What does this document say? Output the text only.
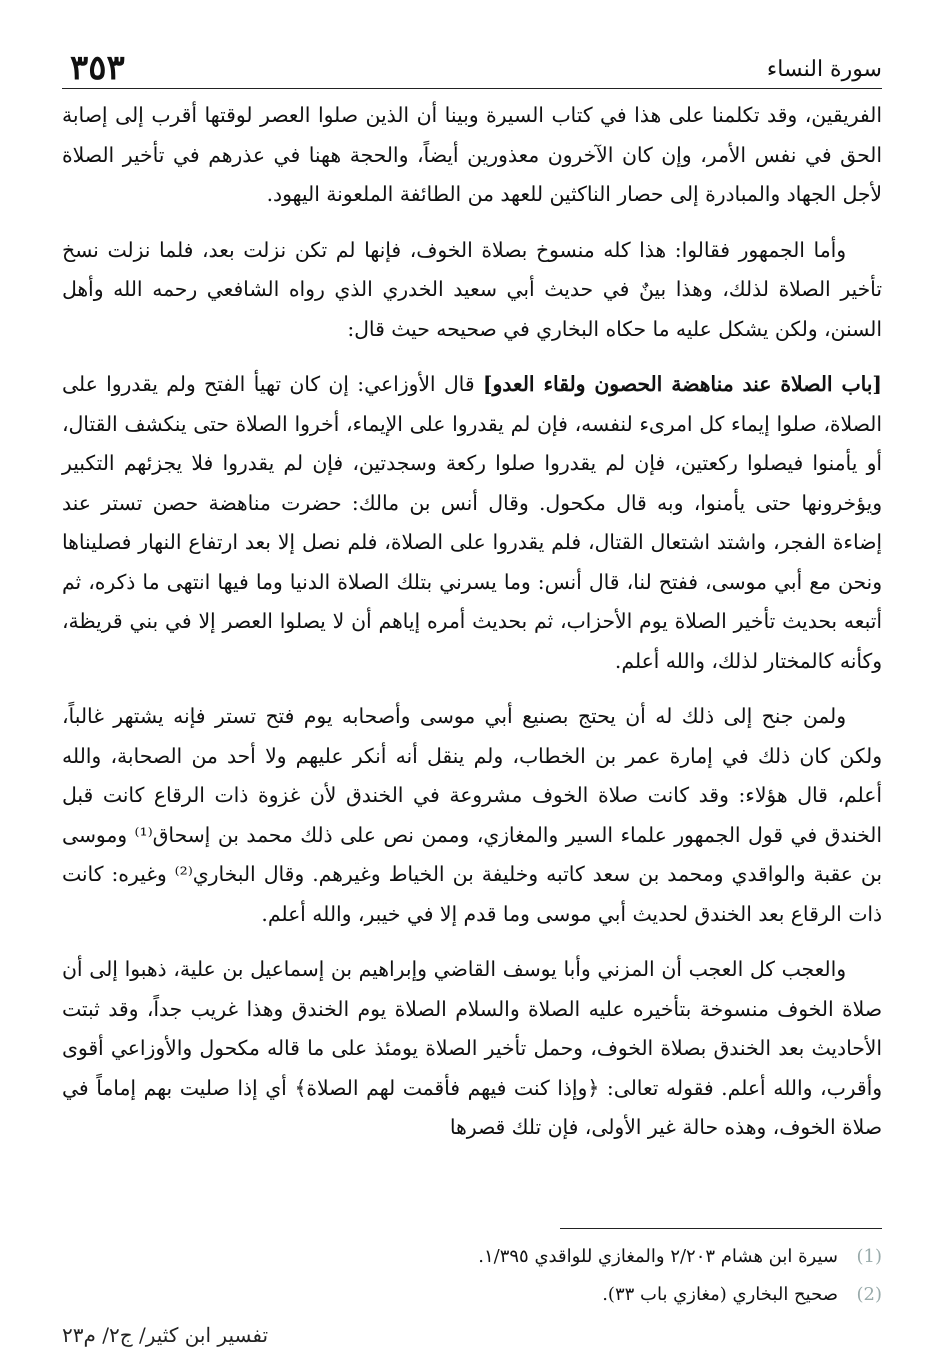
٣٥٣	سورة النساء

الفريقين، وقد تكلمنا على هذا في كتاب السيرة وبينا أن الذين صلوا العصر لوقتها أقرب إلى إصابة الحق في نفس الأمر، وإن كان الآخرون معذورين أيضاً، والحجة ههنا في عذرهم في تأخير الصلاة لأجل الجهاد والمبادرة إلى حصار الناكثين للعهد من الطائفة الملعونة اليهود.

وأما الجمهور فقالوا: هذا كله منسوخ بصلاة الخوف، فإنها لم تكن نزلت بعد، فلما نزلت نسخ تأخير الصلاة لذلك، وهذا بينٌ في حديث أبي سعيد الخدري الذي رواه الشافعي رحمه الله وأهل السنن، ولكن يشكل عليه ما حكاه البخاري في صحيحه حيث قال:

[باب الصلاة عند مناهضة الحصون ولقاء العدو] قال الأوزاعي: إن كان تهيأ الفتح ولم يقدروا على الصلاة، صلوا إيماء كل امرىء لنفسه، فإن لم يقدروا على الإيماء، أخروا الصلاة حتى ينكشف القتال، أو يأمنوا فيصلوا ركعتين، فإن لم يقدروا صلوا ركعة وسجدتين، فإن لم يقدروا فلا يجزئهم التكبير ويؤخرونها حتى يأمنوا، وبه قال مكحول. وقال أنس بن مالك: حضرت مناهضة حصن تستر عند إضاءة الفجر، واشتد اشتعال القتال، فلم يقدروا على الصلاة، فلم نصل إلا بعد ارتفاع النهار فصليناها ونحن مع أبي موسى، ففتح لنا، قال أنس: وما يسرني بتلك الصلاة الدنيا وما فيها انتهى ما ذكره، ثم أتبعه بحديث تأخير الصلاة يوم الأحزاب، ثم بحديث أمره إياهم أن لا يصلوا العصر إلا في بني قريظة، وكأنه كالمختار لذلك، والله أعلم.

ولمن جنح إلى ذلك له أن يحتج بصنيع أبي موسى وأصحابه يوم فتح تستر فإنه يشتهر غالباً، ولكن كان ذلك في إمارة عمر بن الخطاب، ولم ينقل أنه أنكر عليهم ولا أحد من الصحابة، والله أعلم، قال هؤلاء: وقد كانت صلاة الخوف مشروعة في الخندق لأن غزوة ذات الرقاع كانت قبل الخندق في قول الجمهور علماء السير والمغازي، وممن نص على ذلك محمد بن إسحاق⁽¹⁾ وموسى بن عقبة والواقدي ومحمد بن سعد كاتبه وخليفة بن الخياط وغيرهم. وقال البخاري⁽²⁾ وغيره: كانت ذات الرقاع بعد الخندق لحديث أبي موسى وما قدم إلا في خيبر، والله أعلم.

والعجب كل العجب أن المزني وأبا يوسف القاضي وإبراهيم بن إسماعيل بن علية، ذهبوا إلى أن صلاة الخوف منسوخة بتأخيره عليه الصلاة والسلام الصلاة يوم الخندق وهذا غريب جداً، وقد ثبتت الأحاديث بعد الخندق بصلاة الخوف، وحمل تأخير الصلاة يومئذ على ما قاله مكحول والأوزاعي أقوى وأقرب، والله أعلم. فقوله تعالى: ﴿وإذا كنت فيهم فأقمت لهم الصلاة﴾ أي إذا صليت بهم إماماً في صلاة الخوف، وهذه حالة غير الأولى، فإن تلك قصرها

(1)سيرة ابن هشام ٢/٢٠٣ والمغازي للواقدي ١/٣٩٥.
(2)صحيح البخاري (مغازي باب ٣٣).
تفسير ابن كثير/ ج٢/ م٢٣
